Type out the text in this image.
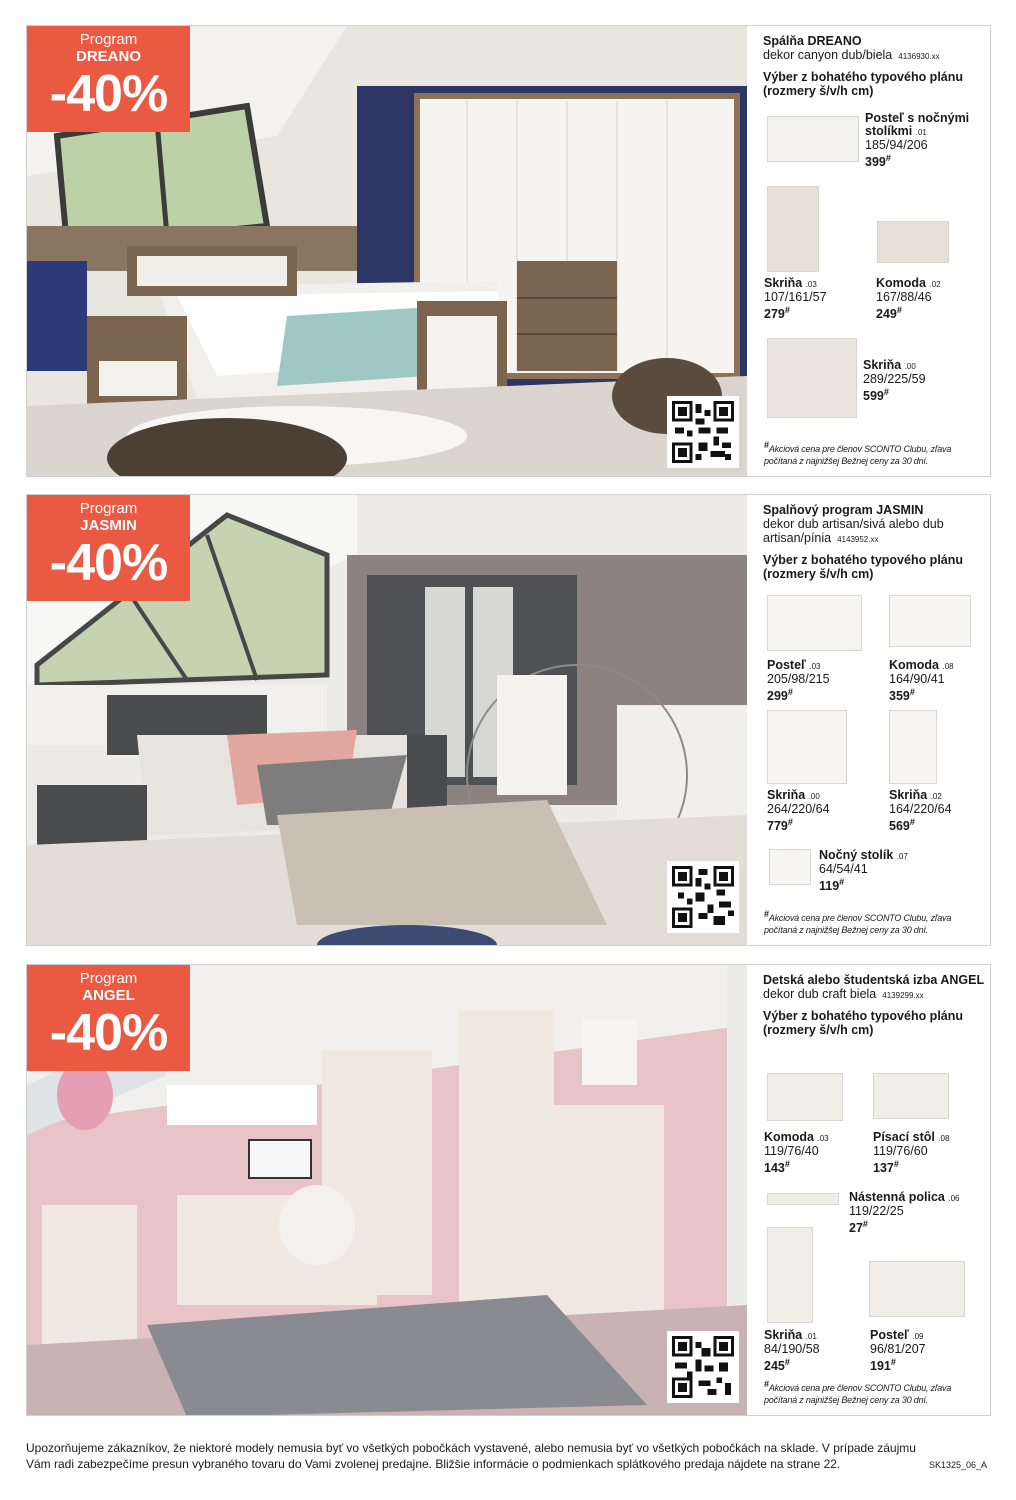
Program
DREANO
-40%
Spálňa DREANO
dekor canyon dub/biela 4136930.xx
Výber z bohatého typového plánu (rozmery š/v/h cm)
Posteľ s nočnými stolíkmi .01
185/94/206
399#
Skriňa .03
107/161/57
279#
Komoda .02
167/88/46
249#
Skriňa .00
289/225/59
599#
#Akciová cena pre členov SCONTO Clubu, zľava počítaná z najnižšej Bežnej ceny za 30 dní.
Program
JASMIN
-40%
Spalňový program JASMIN
dekor dub artisan/sivá alebo dub artisan/pínia 4143952.xx
Výber z bohatého typového plánu (rozmery š/v/h cm)
Posteľ .03
205/98/215
299#
Komoda .08
164/90/41
359#
Skriňa .00
264/220/64
779#
Skriňa .02
164/220/64
569#
Nočný stolík .07
64/54/41
119#
#Akciová cena pre členov SCONTO Clubu, zľava počítaná z najnižšej Bežnej ceny za 30 dní.
Program
ANGEL
-40%
Detská alebo študentská izba ANGEL
dekor dub craft biela 4139299.xx
Výber z bohatého typového plánu (rozmery š/v/h cm)
Komoda .03
119/76/40
143#
Písací stôl .08
119/76/60
137#
Nástenná polica .06
119/22/25
27#
Skriňa .01
84/190/58
245#
Posteľ .09
96/81/207
191#
#Akciová cena pre členov SCONTO Clubu, zľava počítaná z najnižšej Bežnej ceny za 30 dní.
Upozorňujeme zákazníkov, že niektoré modely nemusia byť vo všetkých pobočkách vystavené, alebo nemusia byť vo všetkých pobočkách na sklade. V prípade záujmu Vám radi zabezpečíme presun vybraného tovaru do Vami zvolenej predajne. Bližšie informácie o podmienkach splátkového predaja nájdete na strane 22.	SK1325_06_A
